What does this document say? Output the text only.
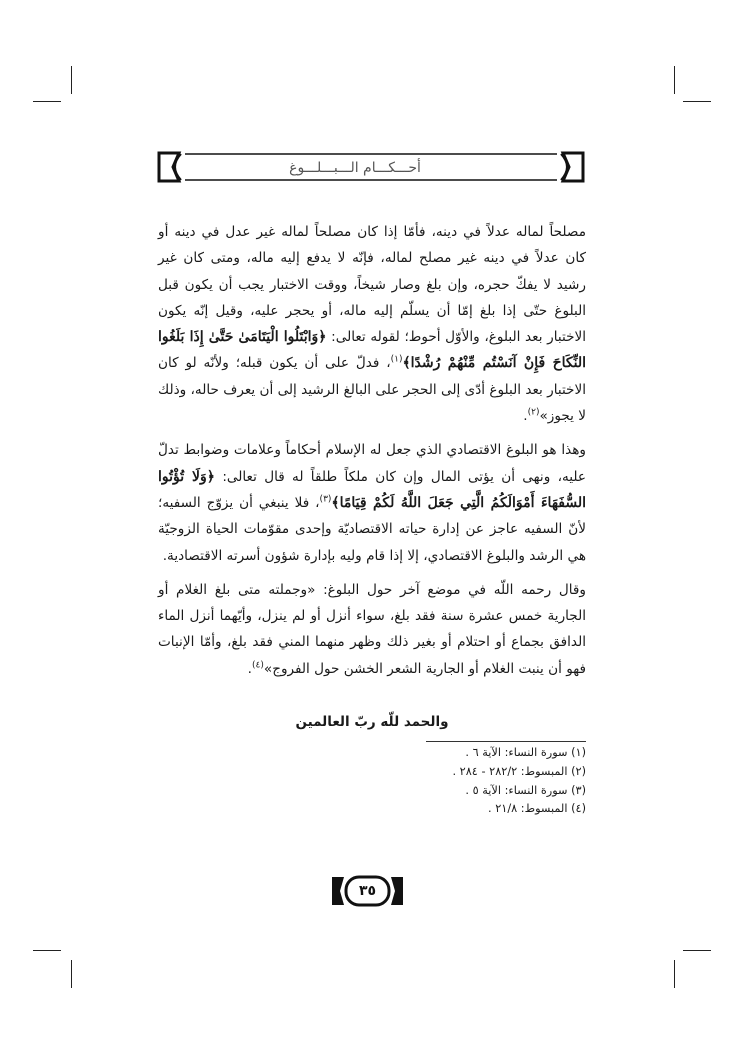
أحـــكـــام الـــبـــلـــوغ

مصلحاً لماله عدلاً في دينه، فأمّا إذا كان مصلحاً لماله غير عدل في دينه أو كان عدلاً في دينه غير مصلح لماله، فإنّه لا يدفع إليه ماله، ومتى كان غير رشيد لا يفكّ حجره، وإن بلغ وصار شيخاً، ووقت الاختبار يجب أن يكون قبل البلوغ حتّى إذا بلغ إمّا أن يسلّم إليه ماله، أو يحجر عليه، وقيل إنّه يكون الاختبار بعد البلوغ، والأوّل أحوط؛ لقوله تعالى: ﴿وَابْتَلُوا الْيَتَامَىٰ حَتَّىٰ إِذَا بَلَغُوا النِّكَاحَ فَإِنْ آنَسْتُم مِّنْهُمْ رُشْدًا﴾$^{(١)}$، فدلّ على أن يكون قبله؛ ولأنّه لو كان الاختبار بعد البلوغ أدّى إلى الحجر على البالغ الرشيد إلى أن يعرف حاله، وذلك لا يجوز»$^{(٢)}$.

وهذا هو البلوغ الاقتصادي الذي جعل له الإسلام أحكاماً وعلامات وضوابط تدلّ عليه، ونهى أن يؤتى المال وإن كان ملكاً طلقاً له قال تعالى: ﴿وَلَا تُؤْتُوا السُّفَهَاءَ أَمْوَالَكُمُ الَّتِي جَعَلَ اللَّهُ لَكُمْ قِيَامًا﴾$^{(٣)}$، فلا ينبغي أن يزوّج السفيه؛ لأنّ السفيه عاجز عن إدارة حياته الاقتصاديّة وإحدى مقوّمات الحياة الزوجيّة هي الرشد والبلوغ الاقتصادي، إلا إذا قام وليه بإدارة شؤون أسرته الاقتصادية.

وقال رحمه اللّه في موضع آخر حول البلوغ: «وجملته متى بلغ الغلام أو الجارية خمس عشرة سنة فقد بلغ، سواء أنزل أو لم ينزل، وأيّهما أنزل الماء الدافق بجماع أو احتلام أو بغير ذلك وظهر منهما المني فقد بلغ، وأمّا الإنبات فهو أن ينبت الغلام أو الجارية الشعر الخشن حول الفروج»$^{(٤)}$.

والحمد للّه ربّ العالمين
(١) سورة النساء: الآية ٦ .
(٢) المبسوط: ٢٨٢/٢ - ٢٨٤ .
(٣) سورة النساء: الآية ٥ .
(٤) المبسوط: ٢١/٨ .
٣٥
